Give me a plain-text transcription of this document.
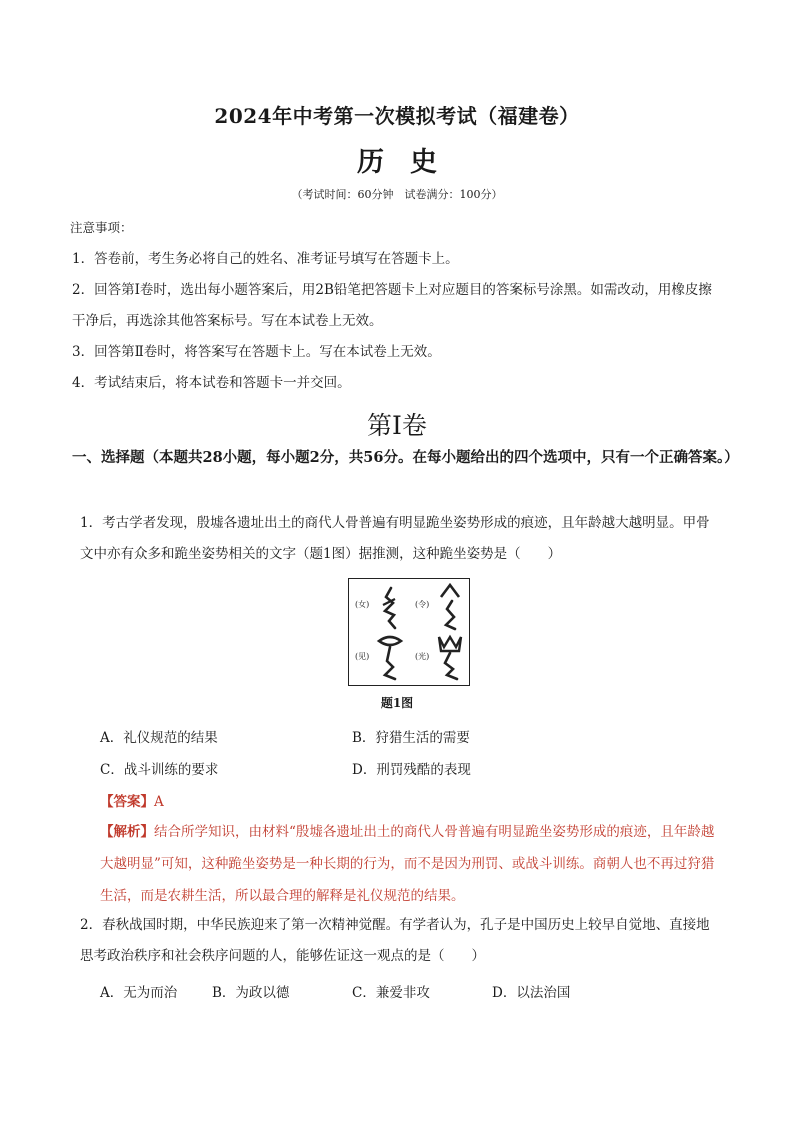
2024年中考第一次模拟考试（福建卷）
历史
（考试时间：60分钟　试卷满分：100分）
注意事项：

1．答卷前，考生务必将自己的姓名、准考证号填写在答题卡上。

2．回答第Ⅰ卷时，选出每小题答案后，用2B铅笔把答题卡上对应题目的答案标号涂黑。如需改动，用橡皮擦干净后，再选涂其他答案标号。写在本试卷上无效。

3．回答第Ⅱ卷时，将答案写在答题卡上。写在本试卷上无效。

4．考试结束后，将本试卷和答题卡一并交回。

第Ⅰ卷
一、选择题（本题共28小题，每小题2分，共56分。在每小题给出的四个选项中，只有一个正确答案。）

1．考古学者发现，殷墟各遗址出土的商代人骨普遍有明显跪坐姿势形成的痕迹，且年龄越大越明显。甲骨文中亦有众多和跪坐姿势相关的文字（题1图）据推测，这种跪坐姿势是（　　）

(女)	(令)
(见)	(光)
题1图
A．礼仪规范的结果	B．狩猎生活的需要
C．战斗训练的要求	D．刑罚残酷的表现
【答案】A
【解析】结合所学知识，由材料“殷墟各遗址出土的商代人骨普遍有明显跪坐姿势形成的痕迹，且年龄越大越明显”可知，这种跪坐姿势是一种长期的行为，而不是因为刑罚、或战斗训练。商朝人也不再过狩猎生活，而是农耕生活，所以最合理的解释是礼仪规范的结果。

2．春秋战国时期，中华民族迎来了第一次精神觉醒。有学者认为，孔子是中国历史上较早自觉地、直接地思考政治秩序和社会秩序问题的人，能够佐证这一观点的是（　　）

A．无为而治	B．为政以德	C．兼爱非攻	D．以法治国
